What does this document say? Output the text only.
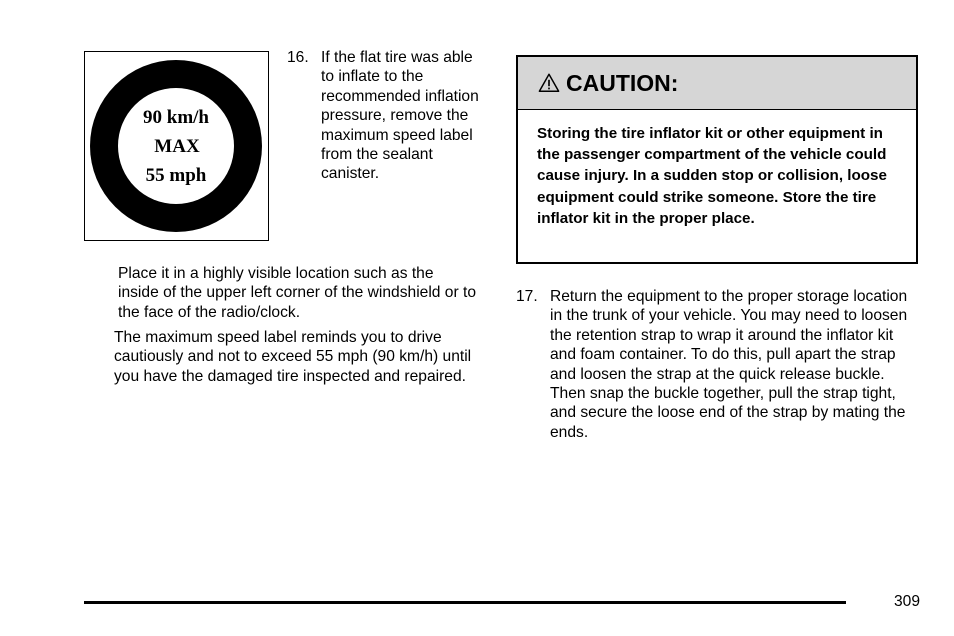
90 km/h
MAX
55 mph
16. If the flat tire was able to inflate to the recommended inflation pressure, remove the maximum speed label from the sealant canister.
Place it in a highly visible location such as the inside of the upper left corner of the windshield or to the face of the radio/clock.
The maximum speed label reminds you to drive cautiously and not to exceed 55 mph (90 km/h) until you have the damaged tire inspected and repaired.
CAUTION:
Storing the tire inflator kit or other equipment in the passenger compartment of the vehicle could cause injury. In a sudden stop or collision, loose equipment could strike someone. Store the tire inflator kit in the proper place.
17. Return the equipment to the proper storage location in the trunk of your vehicle. You may need to loosen the retention strap to wrap it around the inflator kit and foam container. To do this, pull apart the strap and loosen the strap at the quick release buckle. Then snap the buckle together, pull the strap tight, and secure the loose end of the strap by mating the ends.
309
